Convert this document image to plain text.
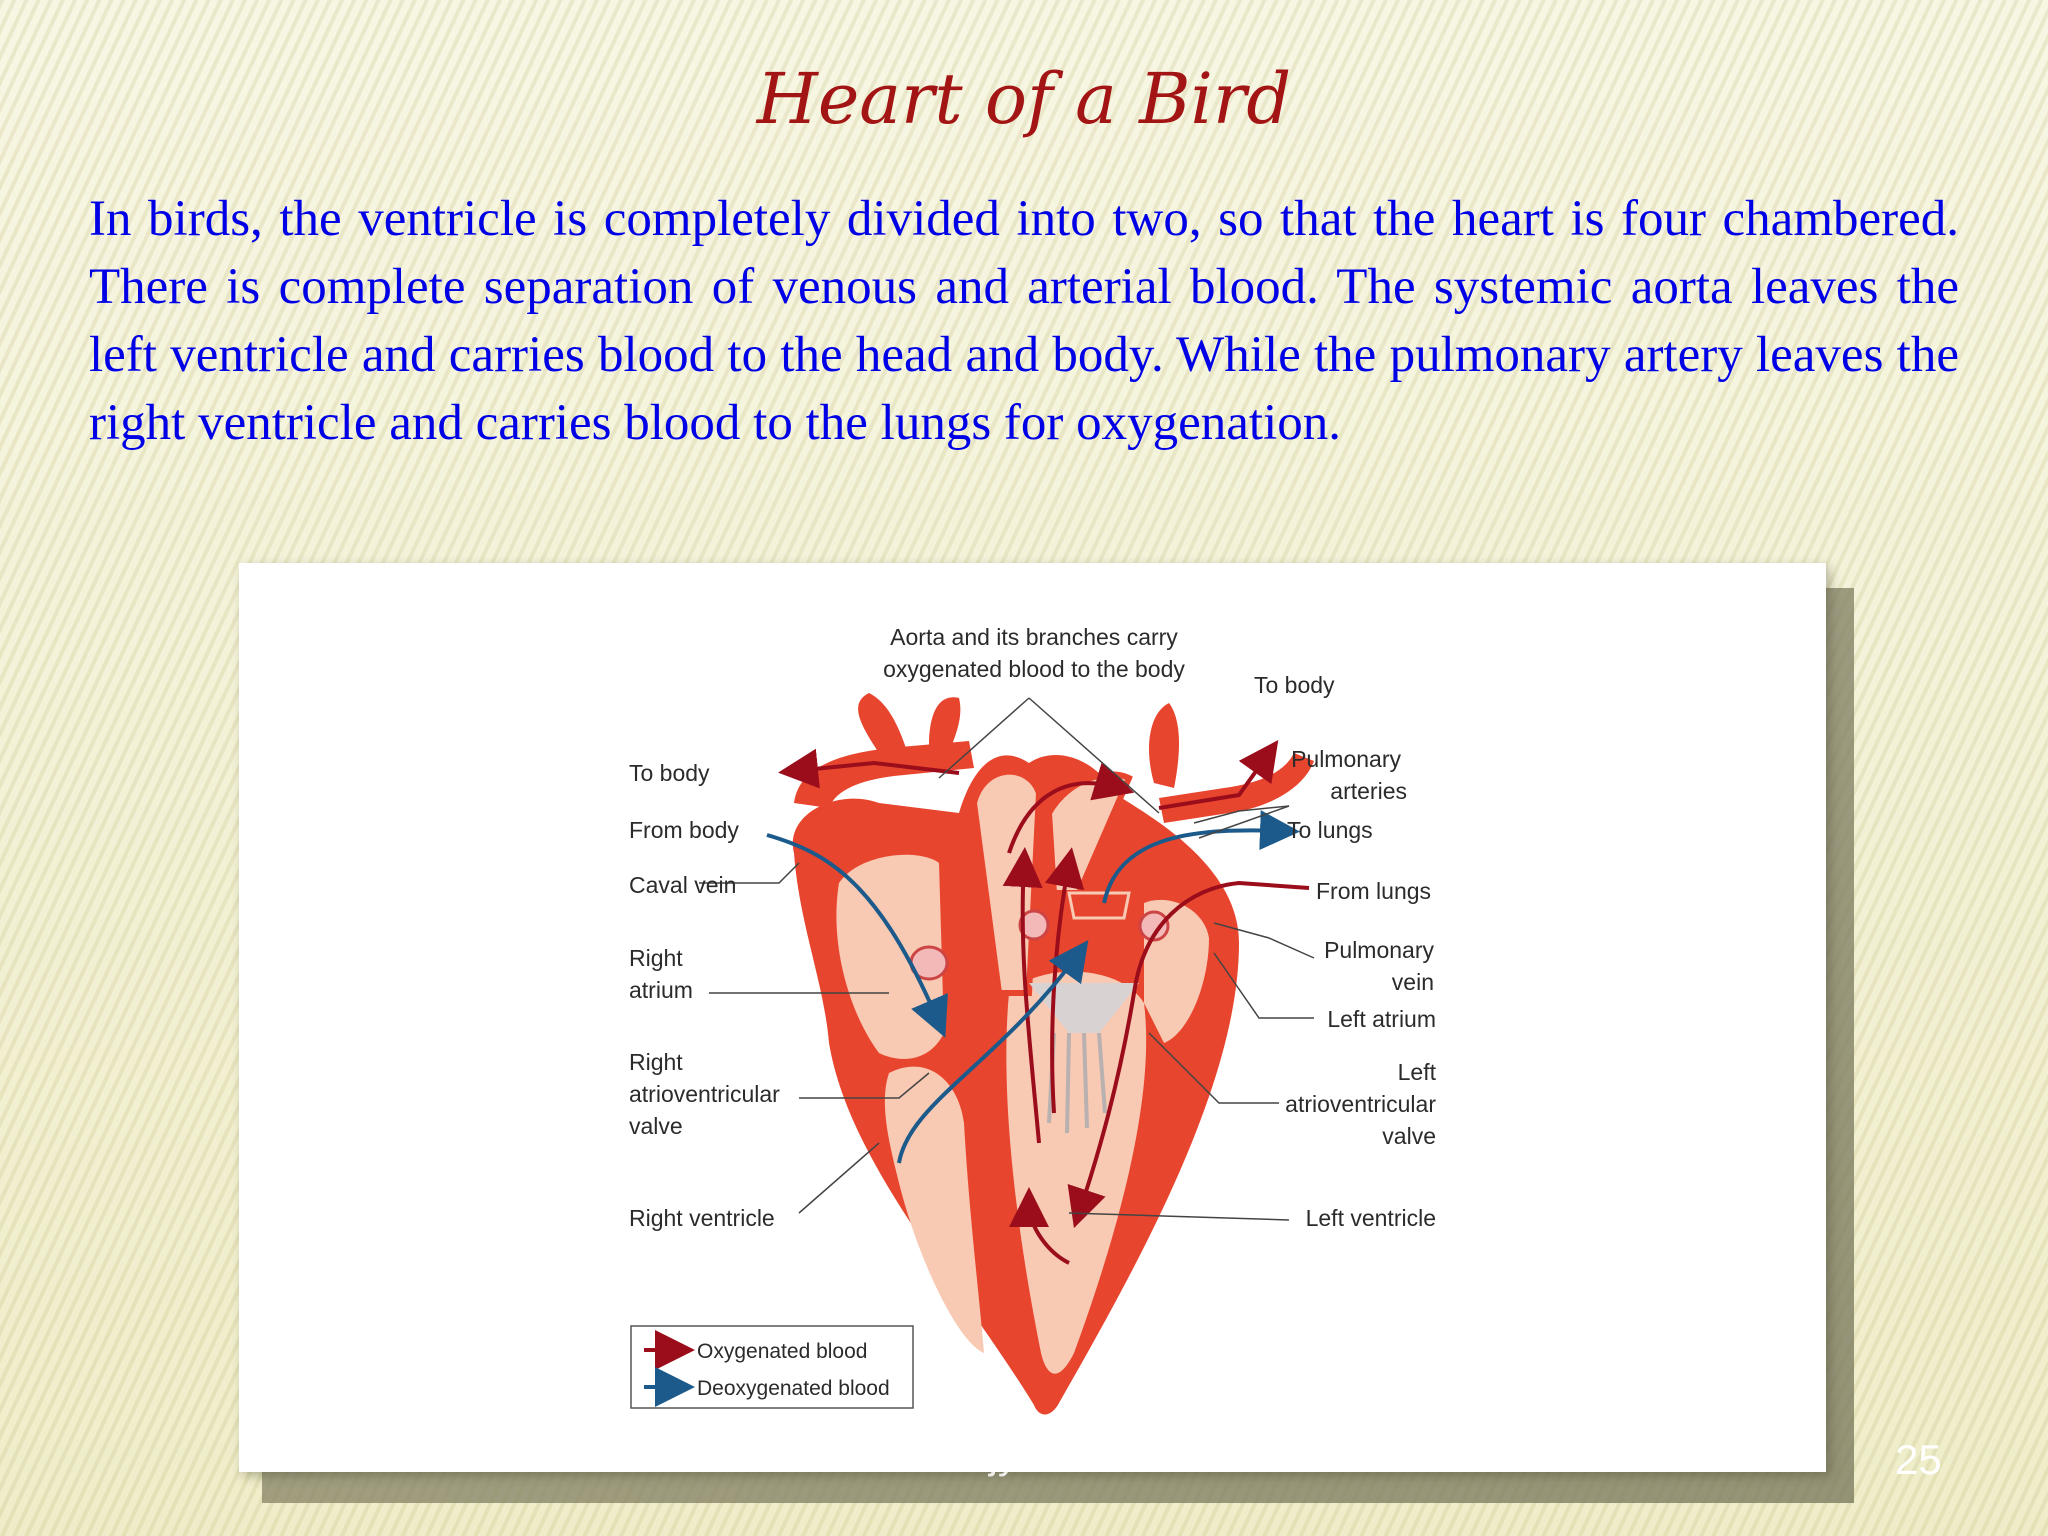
Heart of a Bird
In birds, the ventricle is completely divided into two, so that the heart is four chambered. There is complete separation of venous and arterial blood. The systemic aorta leaves the left ventricle and carries blood to the head and body. While the pulmonary artery leaves the right ventricle and carries blood to the lungs for oxygenation.
Aorta and its branches carry
oxygenated blood to the body
To body
To body
From body
Caval vein
Right
atrium
Right
atrioventricular
valve
Right ventricle
Pulmonary
arteries
To lungs
From lungs
Pulmonary
vein
Left atrium
Left
atrioventricular
valve
Left ventricle
Oxygenated blood
Deoxygenated blood
Pranabjyoti Das	25
